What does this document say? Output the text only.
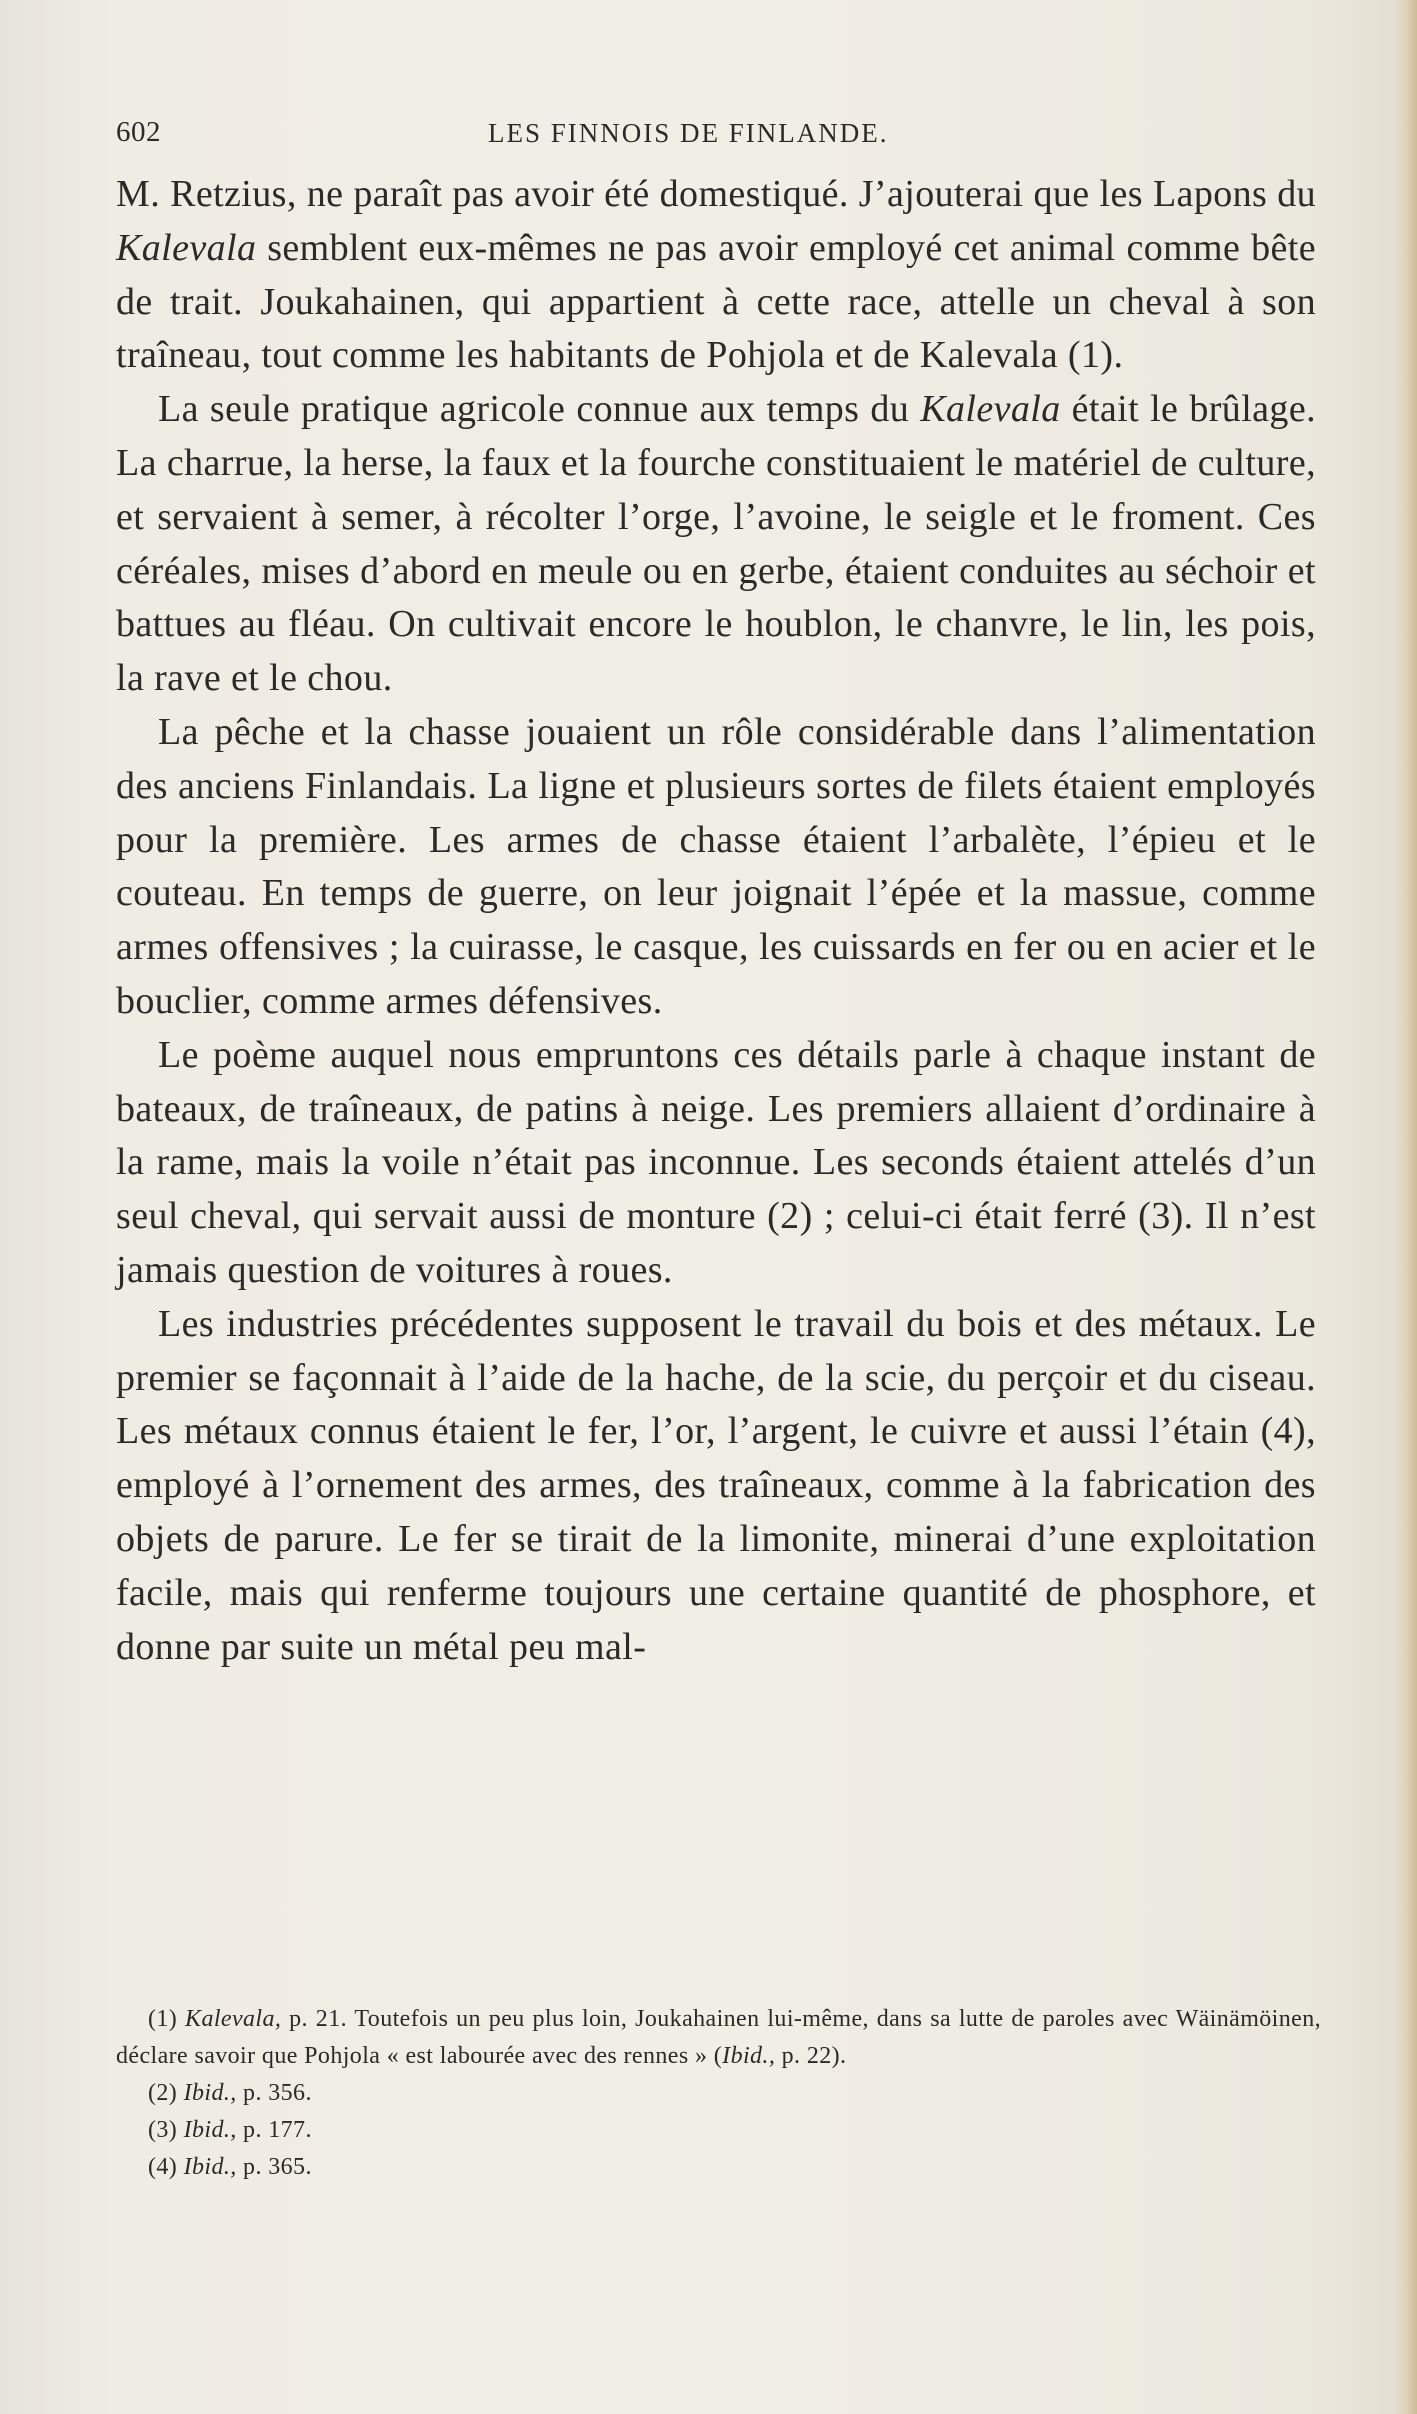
602	LES FINNOIS DE FINLANDE.

M. Retzius, ne paraît pas avoir été domestiqué. J’ajouterai que les Lapons du Kalevala semblent eux-mêmes ne pas avoir employé cet animal comme bête de trait. Joukahainen, qui appartient à cette race, attelle un cheval à son traîneau, tout comme les habitants de Pohjola et de Kalevala (1).

La seule pratique agricole connue aux temps du Kalevala était le brûlage. La charrue, la herse, la faux et la fourche constituaient le matériel de culture, et servaient à semer, à récolter l’orge, l’avoine, le seigle et le froment. Ces céréales, mises d’abord en meule ou en gerbe, étaient conduites au séchoir et battues au fléau. On cultivait encore le houblon, le chanvre, le lin, les pois, la rave et le chou.

La pêche et la chasse jouaient un rôle considérable dans l’alimentation des anciens Finlandais. La ligne et plusieurs sortes de filets étaient employés pour la première. Les armes de chasse étaient l’arbalète, l’épieu et le couteau. En temps de guerre, on leur joignait l’épée et la massue, comme armes offensives ; la cuirasse, le casque, les cuissards en fer ou en acier et le bouclier, comme armes défensives.

Le poème auquel nous empruntons ces détails parle à chaque instant de bateaux, de traîneaux, de patins à neige. Les premiers allaient d’ordinaire à la rame, mais la voile n’était pas inconnue. Les seconds étaient attelés d’un seul cheval, qui servait aussi de monture (2) ; celui-ci était ferré (3). Il n’est jamais question de voitures à roues.

Les industries précédentes supposent le travail du bois et des métaux. Le premier se façonnait à l’aide de la hache, de la scie, du perçoir et du ciseau. Les métaux connus étaient le fer, l’or, l’argent, le cuivre et aussi l’étain (4), employé à l’ornement des armes, des traîneaux, comme à la fabrication des objets de parure. Le fer se tirait de la limonite, minerai d’une exploitation facile, mais qui renferme toujours une certaine quantité de phosphore, et donne par suite un métal peu mal-

(1) Kalevala, p. 21. Toutefois un peu plus loin, Joukahainen lui-même, dans sa lutte de paroles avec Wäinämöinen, déclare savoir que Pohjola « est labourée avec des rennes » (Ibid., p. 22).

(2) Ibid., p. 356.

(3) Ibid., p. 177.

(4) Ibid., p. 365.
